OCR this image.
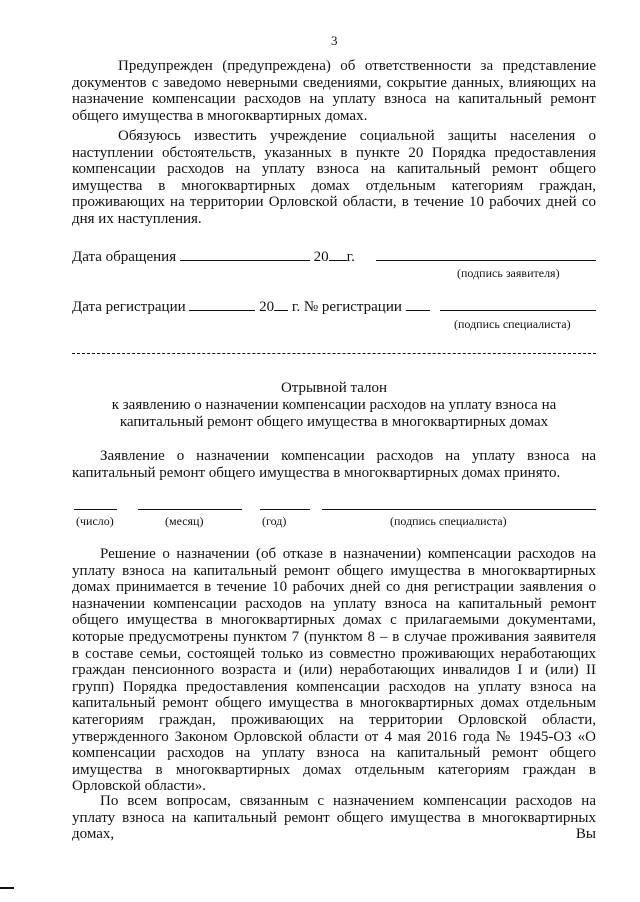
3
Предупрежден (предупреждена) об ответственности за представление документов с заведомо неверными сведениями, сокрытие данных, влияющих на назначение компенсации расходов на уплату взноса на капитальный ремонт общего имущества в многоквартирных домах.
Обязуюсь известить учреждение социальной защиты населения о наступлении обстоятельств, указанных в пункте 20 Порядка предоставления компенсации расходов на уплату взноса на капитальный ремонт общего имущества в многоквартирных домах отдельным категориям граждан, проживающих на территории Орловской области, в течение 10 рабочих дней со дня их наступления.
Дата обращения	20 г.
(подпись заявителя)
Дата регистрации	20 г. № регистрации
(подпись специалиста)
Отрывной талон
к заявлению о назначении компенсации расходов на уплату взноса на капитальный ремонт общего имущества в многоквартирных домах
Заявление о назначении компенсации расходов на уплату взноса на капитальный ремонт общего имущества в многоквартирных домах принято.
(число)	(месяц)	(год)	(подпись специалиста)
Решение о назначении (об отказе в назначении) компенсации расходов на уплату взноса на капитальный ремонт общего имущества в многоквартирных домах принимается в течение 10 рабочих дней со дня регистрации заявления о назначении компенсации расходов на уплату взноса на капитальный ремонт общего имущества в многоквартирных домах с прилагаемыми документами, которые предусмотрены пунктом 7 (пунктом 8 – в случае проживания заявителя в составе семьи, состоящей только из совместно проживающих неработающих граждан пенсионного возраста и (или) неработающих инвалидов I и (или) II групп) Порядка предоставления компенсации расходов на уплату взноса на капитальный ремонт общего имущества в многоквартирных домах отдельным категориям граждан, проживающих на территории Орловской области, утвержденного Законом Орловской области от 4 мая 2016 года № 1945-ОЗ «О компенсации расходов на уплату взноса на капитальный ремонт общего имущества в многоквартирных домах отдельным категориям граждан в Орловской области».
По всем вопросам, связанным с назначением компенсации расходов на уплату взноса на капитальный ремонт общего имущества в многоквартирных домах, Вы
